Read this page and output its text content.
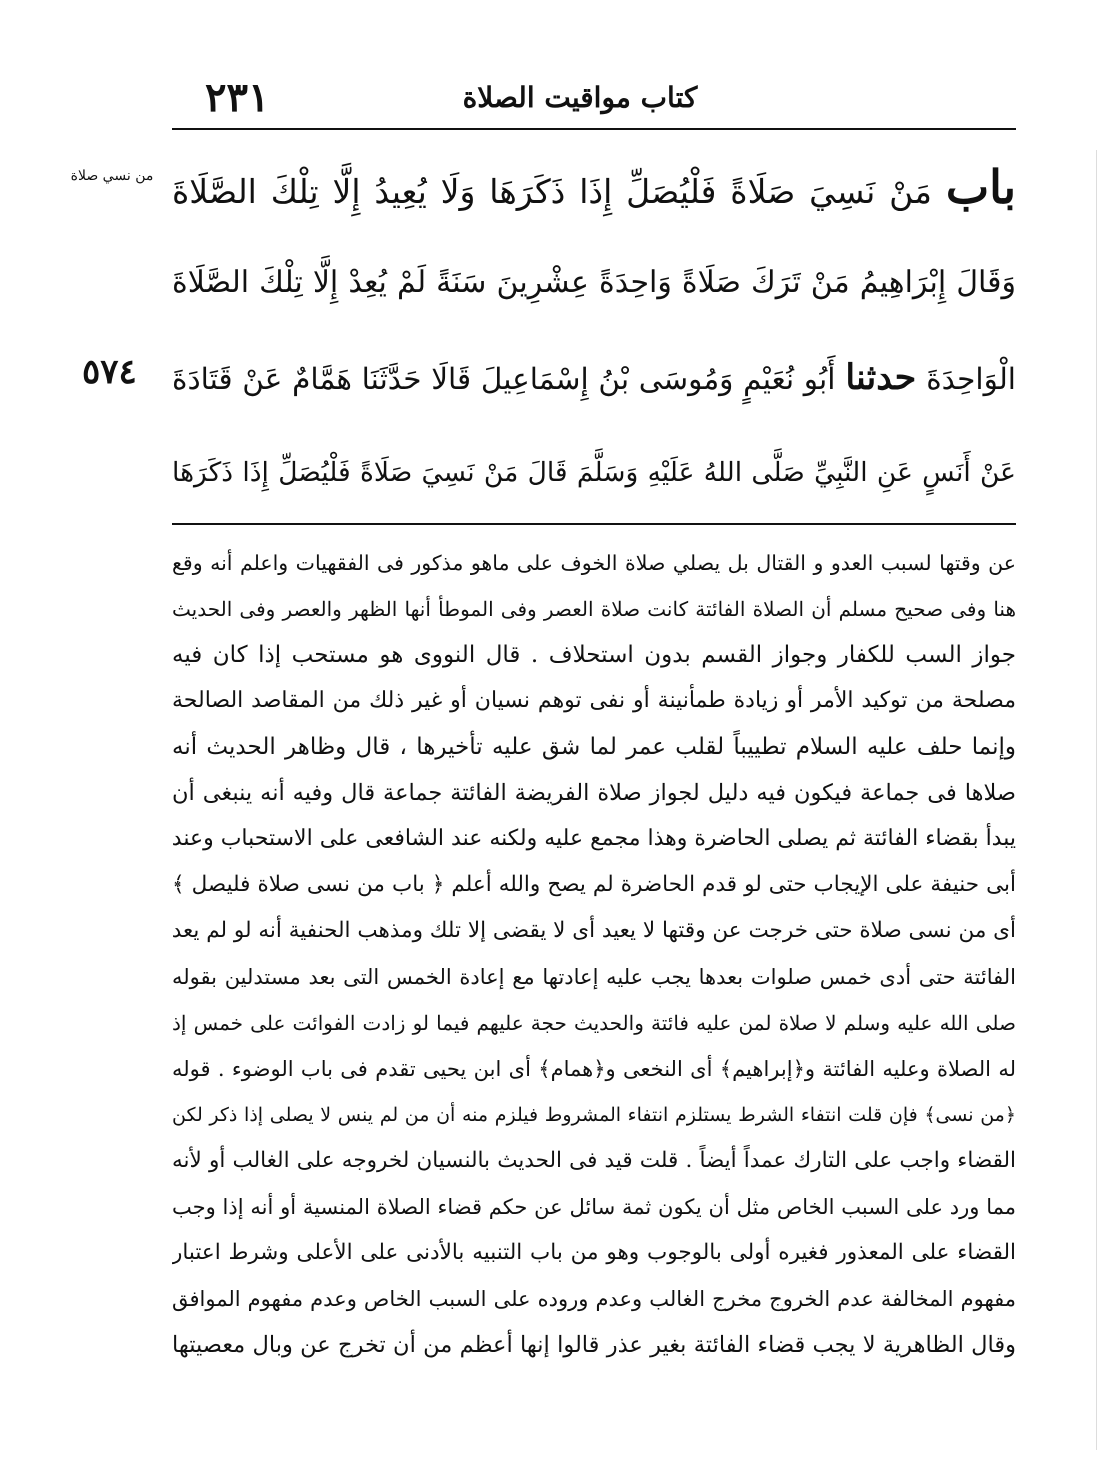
٢٣١	كتاب مواقيت الصلاة
من نسي صلاة
٥٧٤
باب مَنْ نَسِيَ صَلَاةً فَلْيُصَلِّ إِذَا ذَكَرَهَا وَلَا يُعِيدُ إِلَّا تِلْكَ الصَّلَاةَ
وَقَالَ إِبْرَاهِيمُ مَنْ تَرَكَ صَلَاةً وَاحِدَةً عِشْرِينَ سَنَةً لَمْ يُعِدْ إِلَّا تِلْكَ الصَّلَاةَ
الْوَاحِدَةَ حدثنا أَبُو نُعَيْمٍ وَمُوسَى بْنُ إِسْمَاعِيلَ قَالَا حَدَّثَنَا هَمَّامٌ عَنْ قَتَادَةَ
عَنْ أَنَسٍ عَنِ النَّبِيِّ صَلَّى اللهُ عَلَيْهِ وَسَلَّمَ قَالَ مَنْ نَسِيَ صَلَاةً فَلْيُصَلِّ إِذَا ذَكَرَهَا
عن وقتها لسبب العدو و القتال بل يصلي صلاة الخوف على ماهو مذكور فى الفقهيات واعلم أنه وقع
هنا وفى صحيح مسلم أن الصلاة الفائتة كانت صلاة العصر وفى الموطأ أنها الظهر والعصر وفى الحديث
جواز السب للكفار وجواز القسم بدون استحلاف . قال النووى هو مستحب إذا كان فيه
مصلحة من توكيد الأمر أو زيادة طمأنينة أو نفى توهم نسيان أو غير ذلك من المقاصد الصالحة
وإنما حلف عليه السلام تطييباً لقلب عمر لما شق عليه تأخيرها ، قال وظاهر الحديث أنه
صلاها فى جماعة فيكون فيه دليل لجواز صلاة الفريضة الفائتة جماعة قال وفيه أنه ينبغى أن
يبدأ بقضاء الفائتة ثم يصلى الحاضرة وهذا مجمع عليه ولكنه عند الشافعى على الاستحباب وعند
أبى حنيفة على الإيجاب حتى لو قدم الحاضرة لم يصح والله أعلم ﴿ باب من نسى صلاة فليصل ﴾
أى من نسى صلاة حتى خرجت عن وقتها لا يعيد أى لا يقضى إلا تلك ومذهب الحنفية أنه لو لم يعد
الفائتة حتى أدى خمس صلوات بعدها يجب عليه إعادتها مع إعادة الخمس التى بعد مستدلين بقوله
صلى الله عليه وسلم لا صلاة لمن عليه فائتة والحديث حجة عليهم فيما لو زادت الفوائت على خمس إذ
له الصلاة وعليه الفائتة و﴿إبراهيم﴾ أى النخعى و﴿همام﴾ أى ابن يحيى تقدم فى باب الوضوء . قوله
﴿من نسى﴾ فإن قلت انتفاء الشرط يستلزم انتفاء المشروط فيلزم منه أن من لم ينس لا يصلى إذا ذكر لكن
القضاء واجب على التارك عمداً أيضاً . قلت قيد فى الحديث بالنسيان لخروجه على الغالب أو لأنه
مما ورد على السبب الخاص مثل أن يكون ثمة سائل عن حكم قضاء الصلاة المنسية أو أنه إذا وجب
القضاء على المعذور فغيره أولى بالوجوب وهو من باب التنبيه بالأدنى على الأعلى وشرط اعتبار
مفهوم المخالفة عدم الخروج مخرج الغالب وعدم وروده على السبب الخاص وعدم مفهوم الموافق
وقال الظاهرية لا يجب قضاء الفائتة بغير عذر قالوا إنها أعظم من أن تخرج عن وبال معصيتها
